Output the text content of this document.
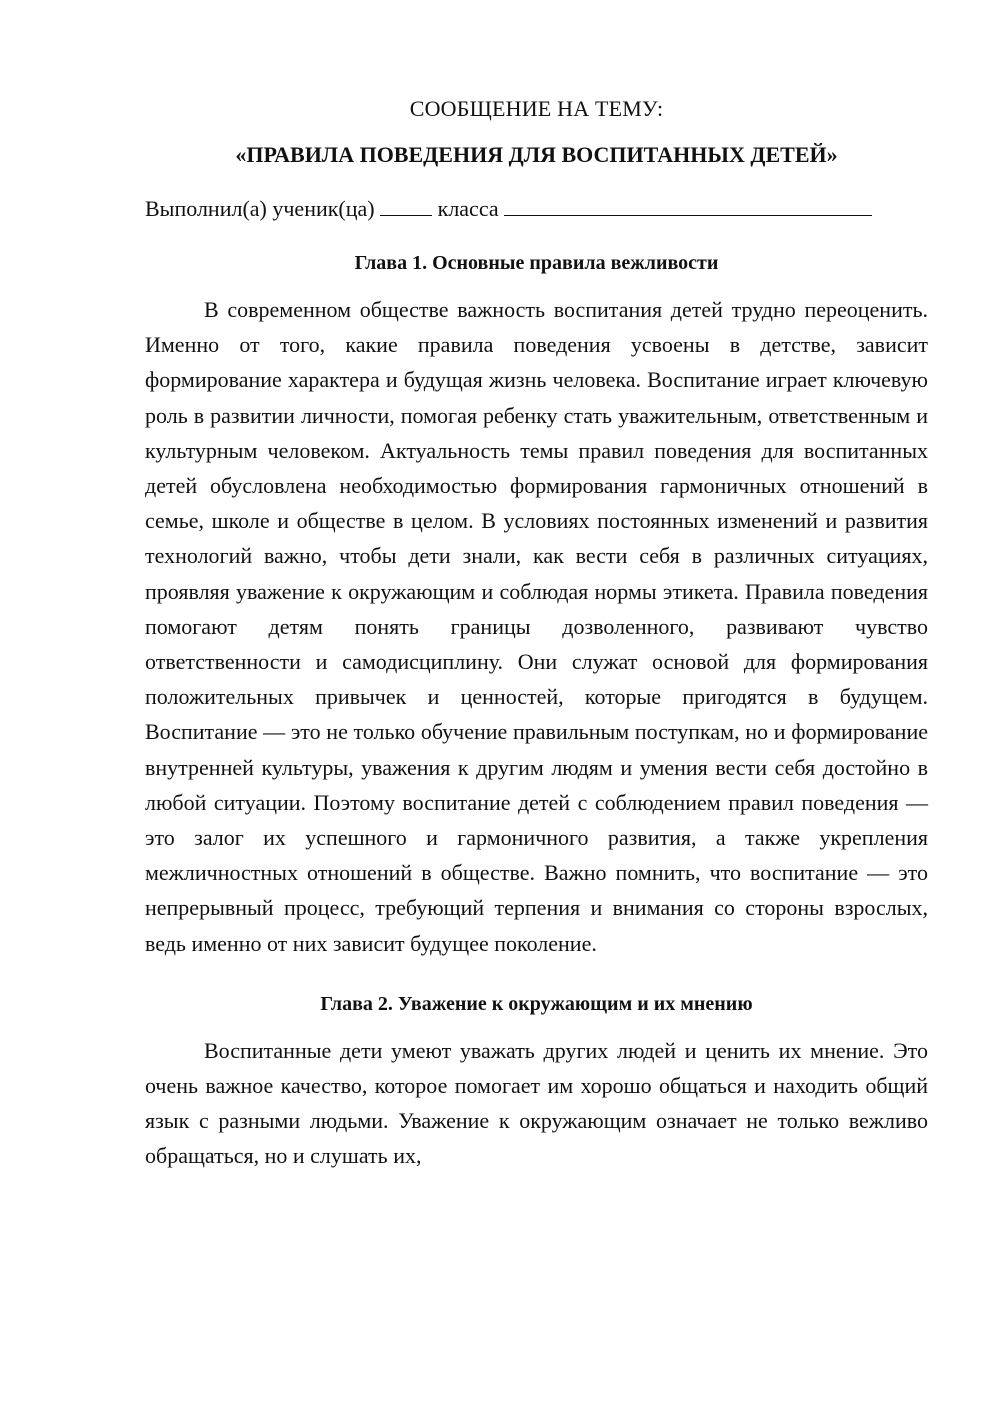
СООБЩЕНИЕ НА ТЕМУ:

«ПРАВИЛА ПОВЕДЕНИЯ ДЛЯ ВОСПИТАННЫХ ДЕТЕЙ»

Выполнил(а) ученик(ца)	класса

Глава 1. Основные правила вежливости

В современном обществе важность воспитания детей трудно переоценить. Именно от того, какие правила поведения усвоены в детстве, зависит формирование характера и будущая жизнь человека. Воспитание играет ключевую роль в развитии личности, помогая ребенку стать уважительным, ответственным и культурным человеком. Актуальность темы правил поведения для воспитанных детей обусловлена необходимостью формирования гармоничных отношений в семье, школе и обществе в целом. В условиях постоянных изменений и развития технологий важно, чтобы дети знали, как вести себя в различных ситуациях, проявляя уважение к окружающим и соблюдая нормы этикета. Правила поведения помогают детям понять границы дозволенного, развивают чувство ответственности и самодисциплину. Они служат основой для формирования положительных привычек и ценностей, которые пригодятся в будущем. Воспитание — это не только обучение правильным поступкам, но и формирование внутренней культуры, уважения к другим людям и умения вести себя достойно в любой ситуации. Поэтому воспитание детей с соблюдением правил поведения — это залог их успешного и гармоничного развития, а также укрепления межличностных отношений в обществе. Важно помнить, что воспитание — это непрерывный процесс, требующий терпения и внимания со стороны взрослых, ведь именно от них зависит будущее поколение.

Глава 2. Уважение к окружающим и их мнению

Воспитанные дети умеют уважать других людей и ценить их мнение. Это очень важное качество, которое помогает им хорошо общаться и находить общий язык с разными людьми. Уважение к окружающим означает не только вежливо обращаться, но и слушать их,
